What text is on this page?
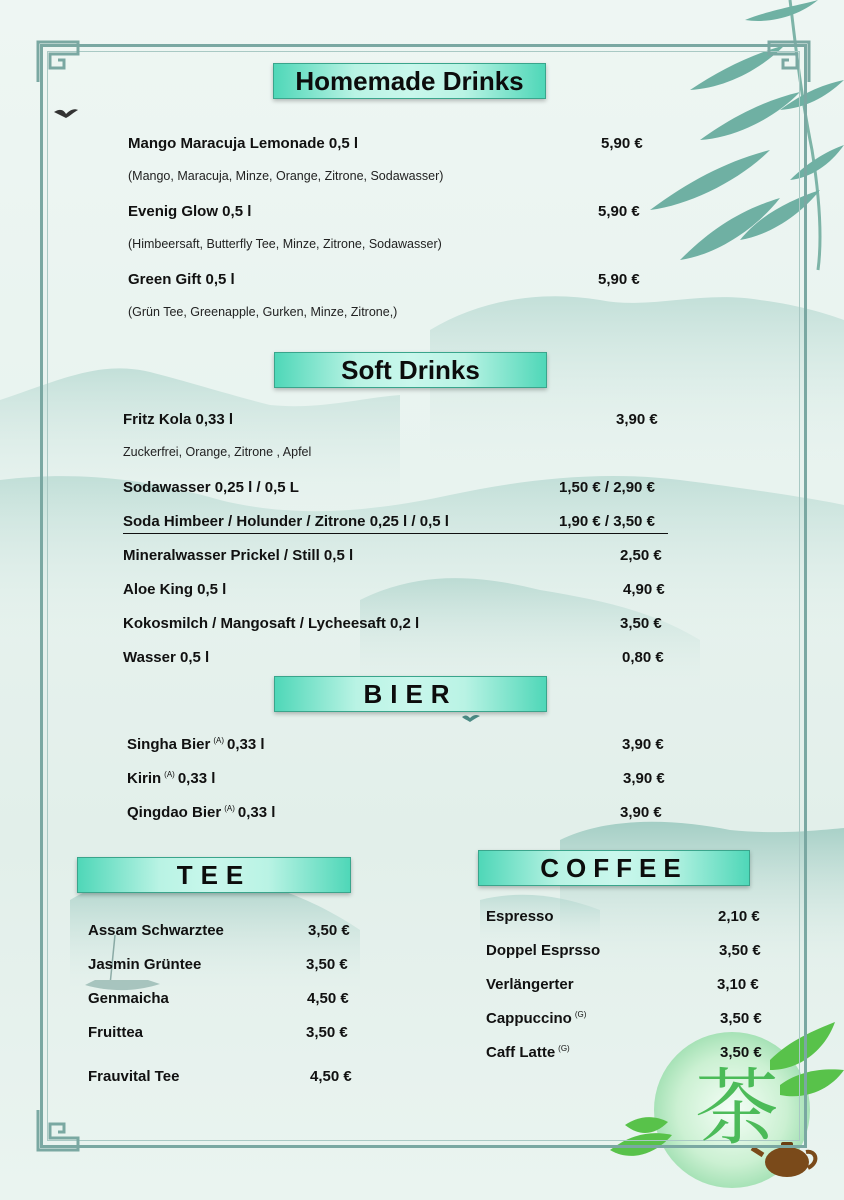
Homemade Drinks
Mango Maracuja Lemonade 0,5 l	5,90 €
(Mango, Maracuja, Minze, Orange, Zitrone, Sodawasser)
Evenig Glow 0,5 l	5,90 €
(Himbeersaft, Butterfly Tee, Minze, Zitrone, Sodawasser)
Green Gift 0,5 l	5,90 €
(Grün Tee, Greenapple, Gurken, Minze, Zitrone,)
Soft Drinks
Fritz Kola 0,33 l	3,90 €
Zuckerfrei, Orange, Zitrone , Apfel
Sodawasser 0,25 l / 0,5 L	1,50 € / 2,90 €
Soda Himbeer / Holunder / Zitrone 0,25 l / 0,5 l	1,90 € / 3,50 €
Mineralwasser Prickel / Still 0,5 l	2,50 €
Aloe King 0,5 l	4,90 €
Kokosmilch / Mangosaft / Lycheesaft 0,2 l	3,50 €
Wasser 0,5 l	0,80 €
BIER
Singha Bier $^{(A)}$ 0,33 l	3,90 €
Kirin $^{(A)}$ 0,33 l	3,90 €
Qingdao Bier $^{(A)}$ 0,33 l	3,90 €
TEE
Assam Schwarztee	3,50 €
Jasmin Grüntee	3,50 €
Genmaicha	4,50 €
Fruittea	3,50 €
Frauvital Tee	4,50 €
COFFEE
Espresso	2,10 €
Doppel Esprsso	3,50 €
Verlängerter	3,10 €
Cappuccino $^{(G)}$	3,50 €
Caff Latte $^{(G)}$	3,50 €
茶
